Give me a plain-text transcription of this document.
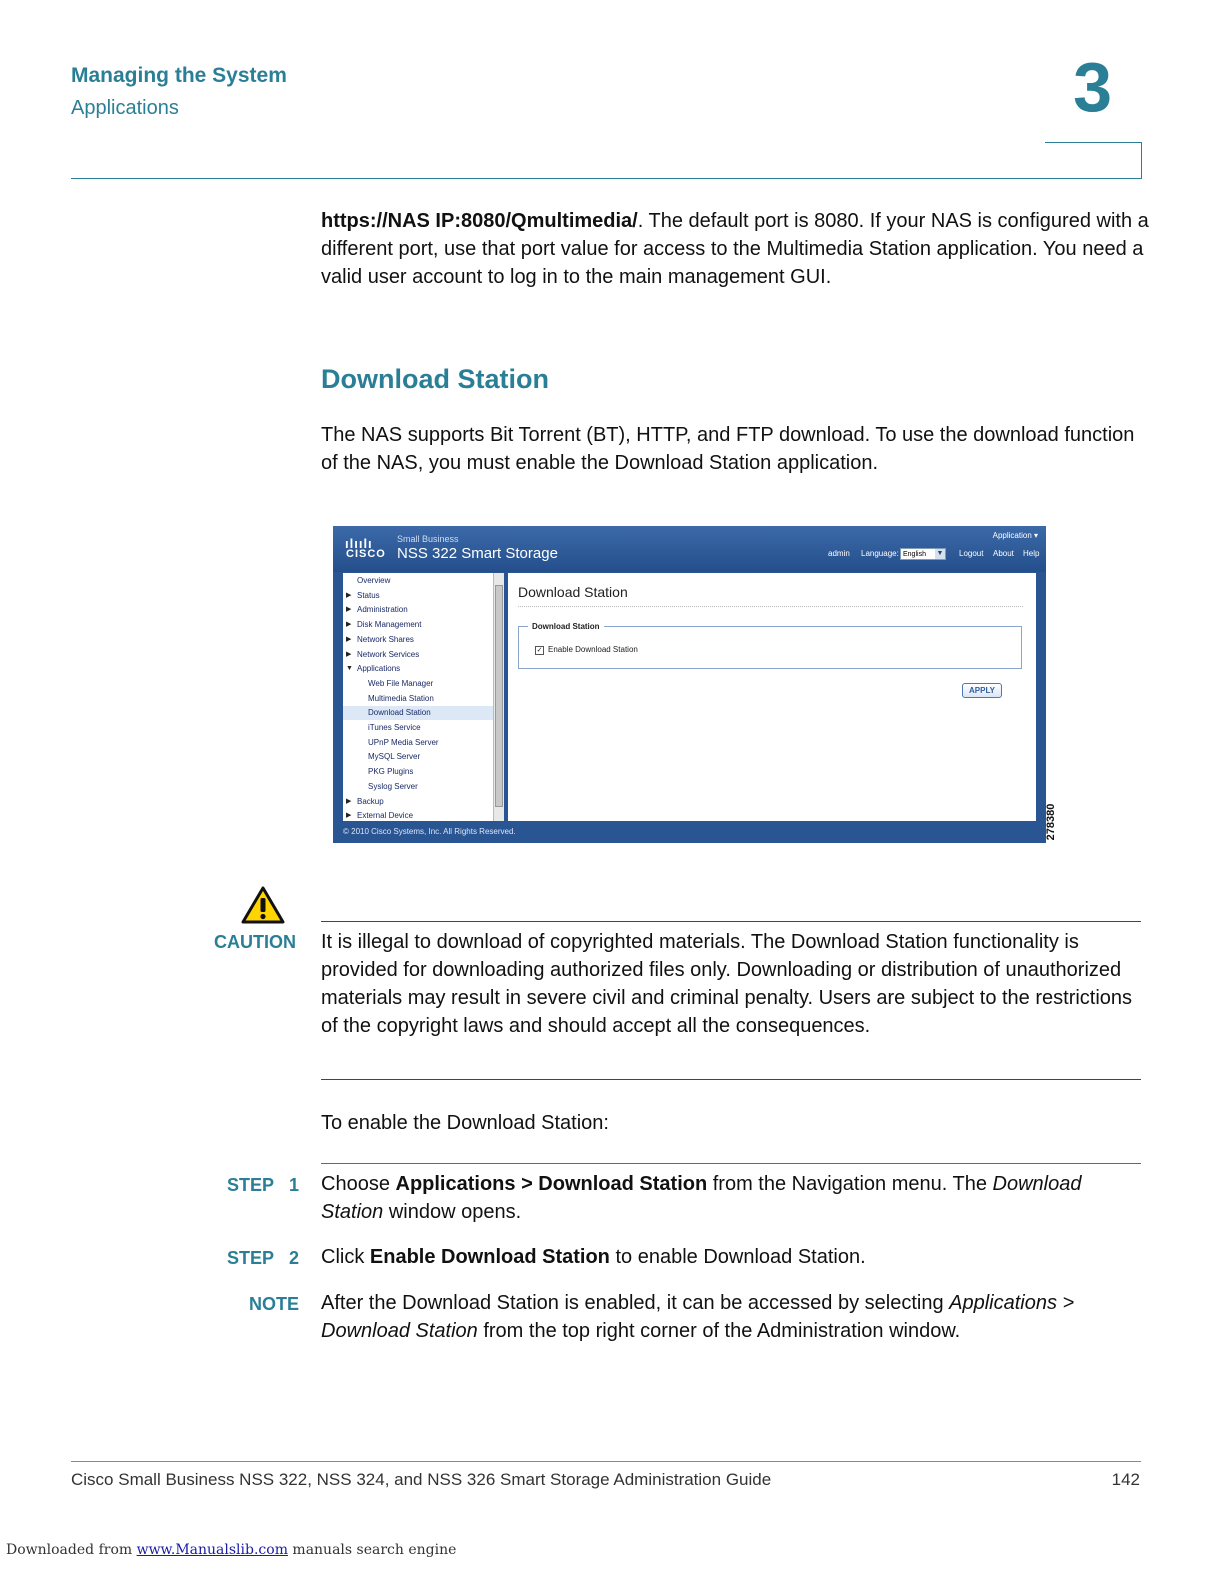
Managing the System
Applications	3
https://NAS IP:8080/Qmultimedia/. The default port is 8080. If your NAS is configured with a different port, use that port value for access to the Multimedia Station application. You need a valid user account to log in to the main management GUI.
Download Station
The NAS supports Bit Torrent (BT), HTTP, and FTP download. To use the download function of the NAS, you must enable the Download Station application.
ılıılı
CISCO
Small Business
NSS 322 Smart Storage
Application ▾
admin Language: English ▼ Logout About Help
Overview
▶ Status
▶ Administration
▶ Disk Management
▶ Network Shares
▶ Network Services
▼ Applications
Web File Manager
Multimedia Station
Download Station
iTunes Service
UPnP Media Server
MySQL Server
PKG Plugins
Syslog Server
▶ Backup
▶ External Device
Download Station
Download Station
✓ Enable Download Station
APPLY
© 2010 Cisco Systems, Inc. All Rights Reserved.	278380
CAUTION It is illegal to download of copyrighted materials. The Download Station functionality is provided for downloading authorized files only. Downloading or distribution of unauthorized materials may result in severe civil and criminal penalty. Users are subject to the restrictions of the copyright laws and should accept all the consequences.
To enable the Download Station:
STEP 1 Choose Applications > Download Station from the Navigation menu. The Download Station window opens.
STEP 2 Click Enable Download Station to enable Download Station.
NOTE After the Download Station is enabled, it can be accessed by selecting Applications > Download Station from the top right corner of the Administration window.
Cisco Small Business NSS 322, NSS 324, and NSS 326 Smart Storage Administration Guide	142
Downloaded from www.Manualslib.com manuals search engine
